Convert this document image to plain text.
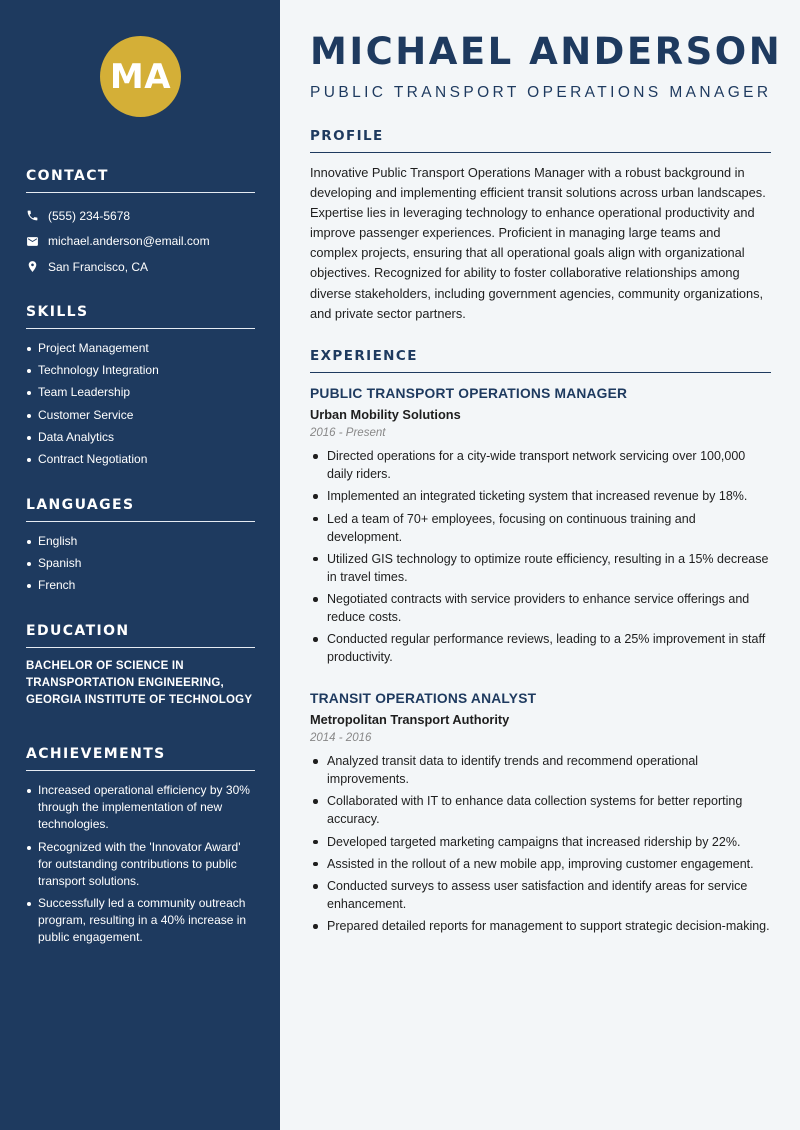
MA
CONTACT
(555) 234-5678
michael.anderson@email.com
San Francisco, CA
SKILLS
Project Management
Technology Integration
Team Leadership
Customer Service
Data Analytics
Contract Negotiation
LANGUAGES
English
Spanish
French
EDUCATION

BACHELOR OF SCIENCE IN TRANSPORTATION ENGINEERING, GEORGIA INSTITUTE OF TECHNOLOGY

ACHIEVEMENTS
Increased operational efficiency by 30% through the implementation of new technologies.
Recognized with the 'Innovator Award' for outstanding contributions to public transport solutions.
Successfully led a community outreach program, resulting in a 40% increase in public engagement.
MICHAEL ANDERSON
PUBLIC TRANSPORT OPERATIONS MANAGER
PROFILE

Innovative Public Transport Operations Manager with a robust background in developing and implementing efficient transit solutions across urban landscapes. Expertise lies in leveraging technology to enhance operational productivity and improve passenger experiences. Proficient in managing large teams and complex projects, ensuring that all operational goals align with organizational objectives. Recognized for ability to foster collaborative relationships among diverse stakeholders, including government agencies, community organizations, and private sector partners.

EXPERIENCE
PUBLIC TRANSPORT OPERATIONS MANAGER
Urban Mobility Solutions
2016 - Present
Directed operations for a city-wide transport network servicing over 100,000 daily riders.
Implemented an integrated ticketing system that increased revenue by 18%.
Led a team of 70+ employees, focusing on continuous training and development.
Utilized GIS technology to optimize route efficiency, resulting in a 15% decrease in travel times.
Negotiated contracts with service providers to enhance service offerings and reduce costs.
Conducted regular performance reviews, leading to a 25% improvement in staff productivity.
TRANSIT OPERATIONS ANALYST
Metropolitan Transport Authority
2014 - 2016
Analyzed transit data to identify trends and recommend operational improvements.
Collaborated with IT to enhance data collection systems for better reporting accuracy.
Developed targeted marketing campaigns that increased ridership by 22%.
Assisted in the rollout of a new mobile app, improving customer engagement.
Conducted surveys to assess user satisfaction and identify areas for service enhancement.
Prepared detailed reports for management to support strategic decision-making.
